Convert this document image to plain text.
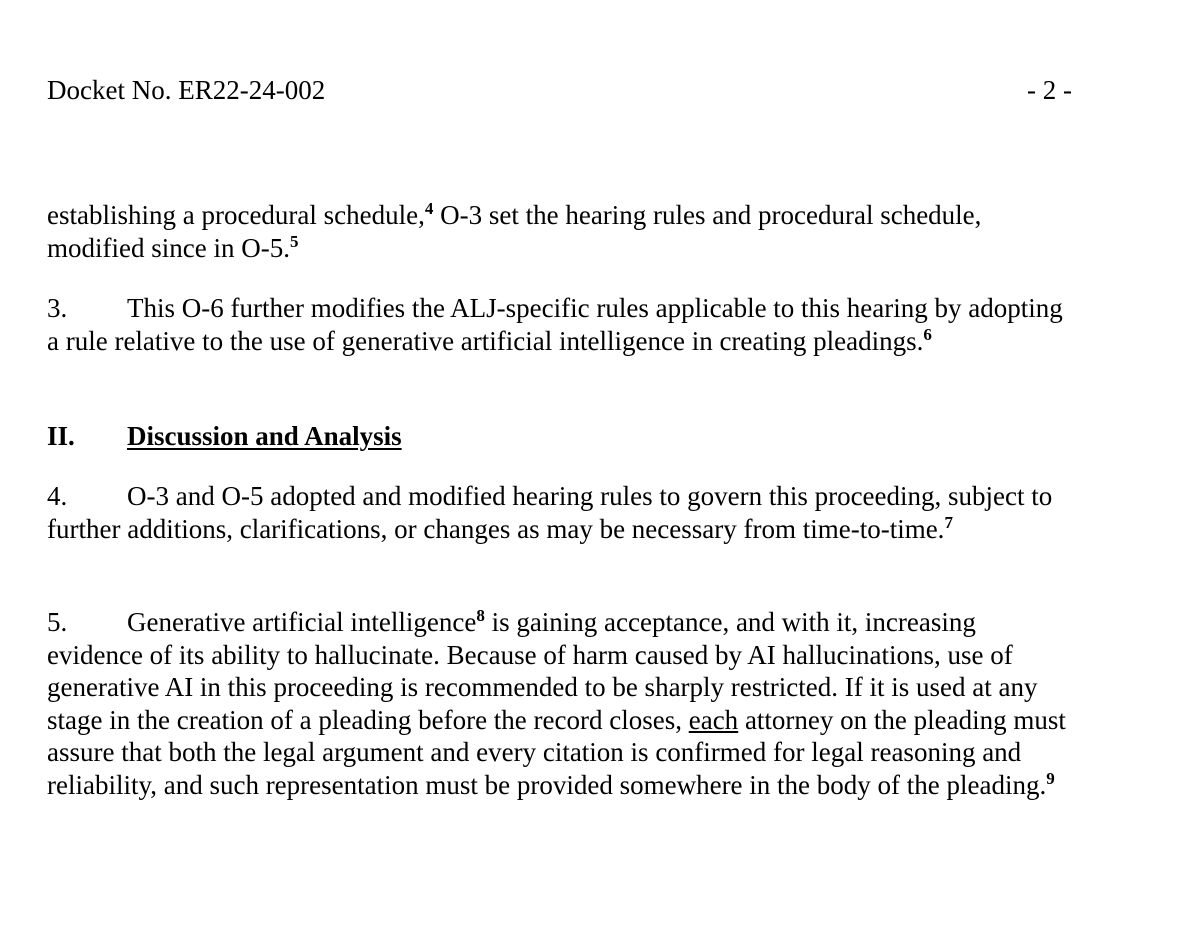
Docket No. ER22-24-002	- 2 -
establishing a procedural schedule,$^4$ O-3 set the hearing rules and procedural schedule, modified since in O-5.$^5$
3. This O-6 further modifies the ALJ-specific rules applicable to this hearing by adopting a rule relative to the use of generative artificial intelligence in creating pleadings.$^6$
II. Discussion and Analysis
4. O-3 and O-5 adopted and modified hearing rules to govern this proceeding, subject to further additions, clarifications, or changes as may be necessary from time-to-time.$^7$
5. Generative artificial intelligence$^8$ is gaining acceptance, and with it, increasing evidence of its ability to hallucinate. Because of harm caused by AI hallucinations, use of generative AI in this proceeding is recommended to be sharply restricted. If it is used at any stage in the creation of a pleading before the record closes, each attorney on the pleading must assure that both the legal argument and every citation is confirmed for legal reasoning and reliability, and such representation must be provided somewhere in the body of the pleading.$^9$
